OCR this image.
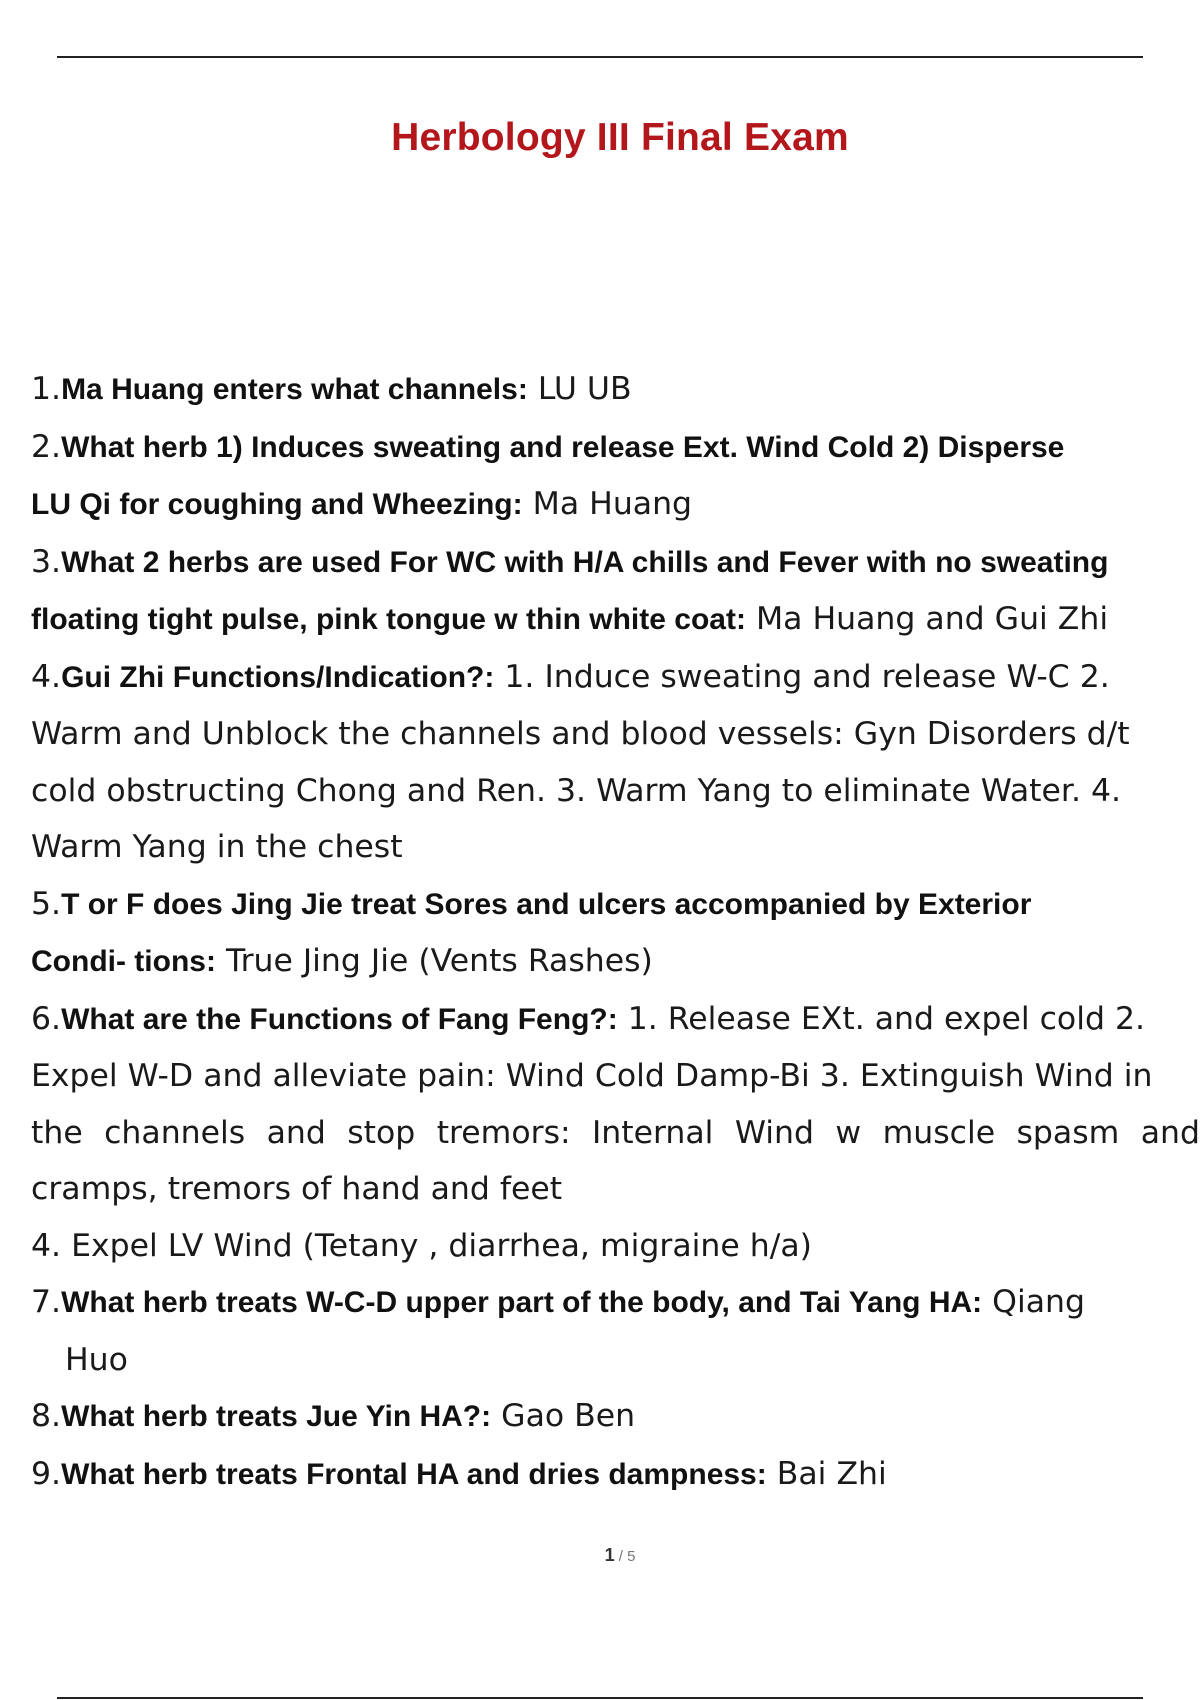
Herbology III Final Exam
1.Ma Huang enters what channels: LU UB
2.What herb 1) Induces sweating and release Ext. Wind Cold 2) Disperse
LU Qi for coughing and Wheezing: Ma Huang
3.What 2 herbs are used For WC with H/A chills and Fever with no sweating
floating tight pulse, pink tongue w thin white coat: Ma Huang and Gui Zhi
4.Gui Zhi Functions/Indication?: 1. Induce sweating and release W-C 2.
Warm and Unblock the channels and blood vessels: Gyn Disorders d/t
cold obstructing Chong and Ren. 3. Warm Yang to eliminate Water. 4.
Warm Yang in the chest
5.T or F does Jing Jie treat Sores and ulcers accompanied by Exterior
Condi- tions: True Jing Jie (Vents Rashes)
6.What are the Functions of Fang Feng?: 1. Release EXt. and expel cold 2.
Expel W-D and alleviate pain: Wind Cold Damp-Bi 3. Extinguish Wind in
the channels and stop tremors: Internal Wind w muscle spasm and
cramps, tremors of hand and feet
4. Expel LV Wind (Tetany , diarrhea, migraine h/a)
7.What herb treats W-C-D upper part of the body, and Tai Yang HA: Qiang
Huo
8.What herb treats Jue Yin HA?: Gao Ben
9.What herb treats Frontal HA and dries dampness: Bai Zhi
1 / 5
